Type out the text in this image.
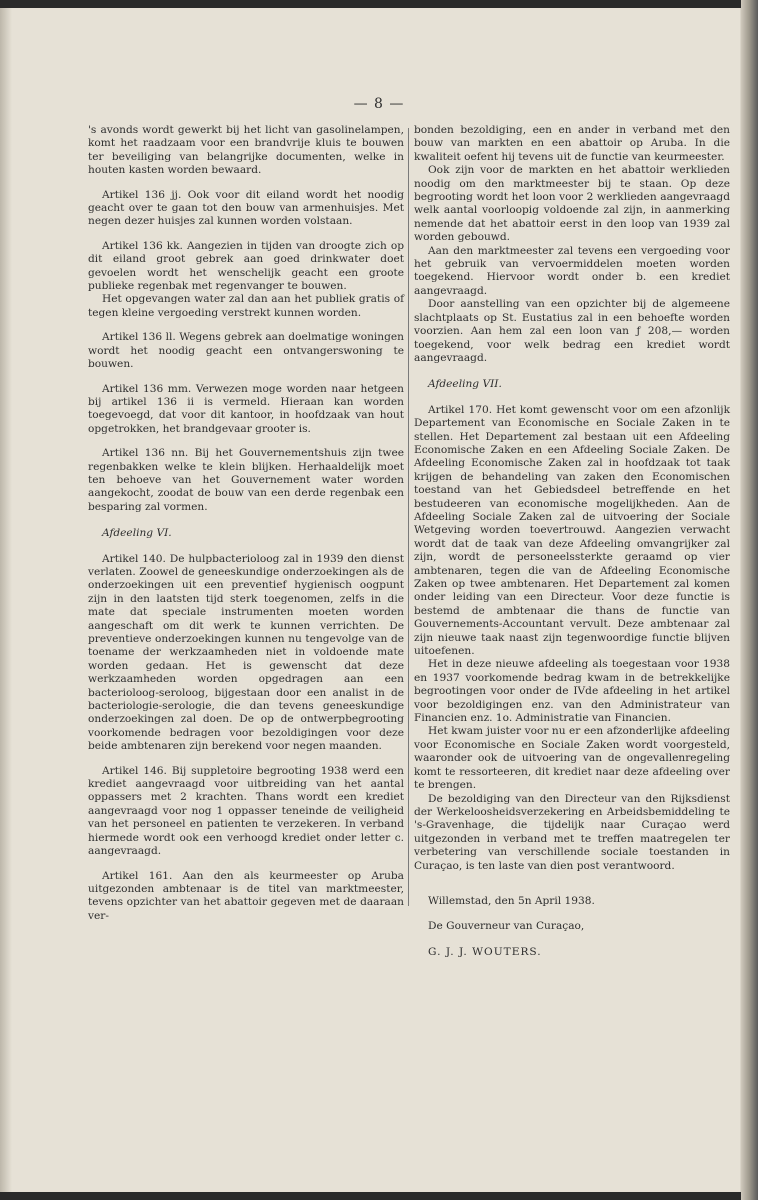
— 8 —

's avonds wordt gewerkt bij het licht van gasolinelampen, komt het raadzaam voor een brandvrije kluis te bouwen ter beveiliging van belangrijke documenten, welke in houten kasten worden bewaard.

Artikel 136 jj. Ook voor dit eiland wordt het noodig geacht over te gaan tot den bouw van armenhuisjes. Met negen dezer huisjes zal kunnen worden volstaan.

Artikel 136 kk. Aangezien in tijden van droogte zich op dit eiland groot gebrek aan goed drinkwater doet gevoelen wordt het wenschelijk geacht een groote publieke regenbak met regenvanger te bouwen.

Het opgevangen water zal dan aan het publiek gratis of tegen kleine vergoeding verstrekt kunnen worden.

Artikel 136 ll. Wegens gebrek aan doelmatige woningen wordt het noodig geacht een ontvangerswoning te bouwen.

Artikel 136 mm. Verwezen moge worden naar hetgeen bij artikel 136 ii is vermeld. Hieraan kan worden toegevoegd, dat voor dit kantoor, in hoofdzaak van hout opgetrokken, het brandgevaar grooter is.

Artikel 136 nn. Bij het Gouvernementshuis zijn twee regenbakken welke te klein blijken. Herhaaldelijk moet ten behoeve van het Gouvernement water worden aangekocht, zoodat de bouw van een derde regenbak een besparing zal vormen.

Afdeeling VI.

Artikel 140. De hulpbacterioloog zal in 1939 den dienst verlaten. Zoowel de geneeskundige onderzoekingen als de onderzoekingen uit een preventief hygienisch oogpunt zijn in den laatsten tijd sterk toegenomen, zelfs in die mate dat speciale instrumenten moeten worden aangeschaft om dit werk te kunnen verrichten. De preventieve onderzoekingen kunnen nu tengevolge van de toename der werkzaamheden niet in voldoende mate worden gedaan. Het is gewenscht dat deze werkzaamheden worden opgedragen aan een bacterioloog-seroloog, bijgestaan door een analist in de bacteriologie-serologie, die dan tevens geneeskundige onderzoekingen zal doen. De op de ontwerpbegrooting voorkomende bedragen voor bezoldigingen voor deze beide ambtenaren zijn berekend voor negen maanden.

Artikel 146. Bij suppletoire begrooting 1938 werd een krediet aangevraagd voor uitbreiding van het aantal oppassers met 2 krachten. Thans wordt een krediet aangevraagd voor nog 1 oppasser teneinde de veiligheid van het personeel en patienten te verzekeren. In verband hiermede wordt ook een verhoogd krediet onder letter c. aangevraagd.

Artikel 161. Aan den als keurmeester op Aruba uitgezonden ambtenaar is de titel van marktmeester, tevens opzichter van het abattoir gegeven met de daaraan ver-

bonden bezoldiging, een en ander in verband met den bouw van markten en een abattoir op Aruba. In die kwaliteit oefent hij tevens uit de functie van keurmeester.

Ook zijn voor de markten en het abattoir werklieden noodig om den marktmeester bij te staan. Op deze begrooting wordt het loon voor 2 werklieden aangevraagd welk aantal voorloopig voldoende zal zijn, in aanmerking nemende dat het abattoir eerst in den loop van 1939 zal worden gebouwd.

Aan den marktmeester zal tevens een vergoeding voor het gebruik van vervoermiddelen moeten worden toegekend. Hiervoor wordt onder b. een krediet aangevraagd.

Door aanstelling van een opzichter bij de algemeene slachtplaats op St. Eustatius zal in een behoefte worden voorzien. Aan hem zal een loon van ƒ 208,— worden toegekend, voor welk bedrag een krediet wordt aangevraagd.

Afdeeling VII.

Artikel 170. Het komt gewenscht voor om een afzonlijk Departement van Economische en Sociale Zaken in te stellen. Het Departement zal bestaan uit een Afdeeling Economische Zaken en een Afdeeling Sociale Zaken. De Afdeeling Economische Zaken zal in hoofdzaak tot taak krijgen de behandeling van zaken den Economischen toestand van het Gebiedsdeel betreffende en het bestudeeren van economische mogelijkheden. Aan de Afdeeling Sociale Zaken zal de uitvoering der Sociale Wetgeving worden toevertrouwd. Aangezien verwacht wordt dat de taak van deze Afdeeling omvangrijker zal zijn, wordt de personeelssterkte geraamd op vier ambtenaren, tegen die van de Afdeeling Economische Zaken op twee ambtenaren. Het Departement zal komen onder leiding van een Directeur. Voor deze functie is bestemd de ambtenaar die thans de functie van Gouvernements-Accountant vervult. Deze ambtenaar zal zijn nieuwe taak naast zijn tegenwoordige functie blijven uitoefenen.

Het in deze nieuwe afdeeling als toegestaan voor 1938 en 1937 voorkomende bedrag kwam in de betrekkelijke begrootingen voor onder de IVde afdeeling in het artikel voor bezoldigingen enz. van den Administrateur van Financien enz. 1o. Administratie van Financien.

Het kwam juister voor nu er een afzonderlijke afdeeling voor Economische en Sociale Zaken wordt voorgesteld, waaronder ook de uitvoering van de ongevallenregeling komt te ressorteeren, dit krediet naar deze afdeeling over te brengen.

De bezoldiging van den Directeur van den Rijksdienst der Werkeloosheidsverzekering en Arbeidsbemiddeling te 's-Gravenhage, die tijdelijk naar Curaçao werd uitgezonden in verband met te treffen maatregelen ter verbetering van verschillende sociale toestanden in Curaçao, is ten laste van dien post verantwoord.

Willemstad, den 5n April 1938.

De Gouverneur van Curaçao,

G. J. J. WOUTERS.
